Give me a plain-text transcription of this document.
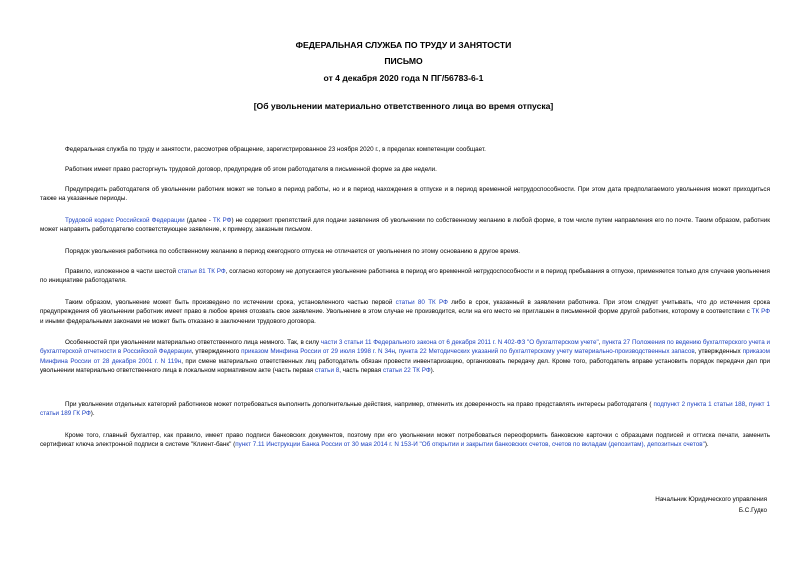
ФЕДЕРАЛЬНАЯ СЛУЖБА ПО ТРУДУ И ЗАНЯТОСТИ
ПИСЬМО
от 4 декабря 2020 года N ПГ/56783-6-1
[Об увольнении материально ответственного лица во время отпуска]
Федеральная служба по труду и занятости, рассмотрев обращение, зарегистрированное 23 ноября 2020 г., в пределах компетенции сообщает.
Работник имеет право расторгнуть трудовой договор, предупредив об этом работодателя в письменной форме за две недели.
Предупредить работодателя об увольнении работник может не только в период работы, но и в период нахождения в отпуске и в период временной нетрудоспособности. При этом дата предполагаемого увольнения может приходиться также на указанные периоды.
Трудовой кодекс Российской Федерации (далее - ТК РФ) не содержит препятствий для подачи заявления об увольнении по собственному желанию в любой форме, в том числе путем направления его по почте. Таким образом, работник может направить работодателю соответствующее заявление, к примеру, заказным письмом.
Порядок увольнения работника по собственному желанию в период ежегодного отпуска не отличается от увольнения по этому основанию в другое время.
Правило, изложенное в части шестой статьи 81 ТК РФ, согласно которому не допускается увольнение работника в период его временной нетрудоспособности и в период пребывания в отпуске, применяется только для случаев увольнения по инициативе работодателя.
Таким образом, увольнение может быть произведено по истечении срока, установленного частью первой статьи 80 ТК РФ либо в срок, указанный в заявлении работника. При этом следует учитывать, что до истечения срока предупреждения об увольнении работник имеет право в любое время отозвать свое заявление. Увольнение в этом случае не производится, если на его место не приглашен в письменной форме другой работник, которому в соответствии с ТК РФ и иными федеральными законами не может быть отказано в заключении трудового договора.
Особенностей при увольнении материально ответственного лица немного. Так, в силу части 3 статьи 11 Федерального закона от 6 декабря 2011 г. N 402-ФЗ "О бухгалтерском учете", пункта 27 Положения по ведению бухгалтерского учета и бухгалтерской отчетности в Российской Федерации, утвержденного приказом Минфина России от 29 июля 1998 г. N 34н, пункта 22 Методических указаний по бухгалтерскому учету материально-производственных запасов, утвержденных приказом Минфина России от 28 декабря 2001 г. N 119н, при смене материально ответственных лиц работодатель обязан провести инвентаризацию, организовать передачу дел. Кроме того, работодатель вправе установить порядок передачи дел при увольнении материально ответственного лица в локальном нормативном акте (часть первая статьи 8, часть первая статьи 22 ТК РФ).
При увольнении отдельных категорий работников может потребоваться выполнить дополнительные действия, например, отменить их доверенность на право представлять интересы работодателя ( подпункт 2 пункта 1 статьи 188, пункт 1 статьи 189 ГК РФ).
Кроме того, главный бухгалтер, как правило, имеет право подписи банковских документов, поэтому при его увольнении может потребоваться переоформить банковские карточки с образцами подписей и оттиска печати, заменить сертификат ключа электронной подписи в системе "Клиент-банк" (пункт 7.11 Инструкции Банка России от 30 мая 2014 г. N 153-И "Об открытии и закрытии банковских счетов, счетов по вкладам (депозитам), депозитных счетов").
Начальник Юридического управления
Б.С.Гудко
